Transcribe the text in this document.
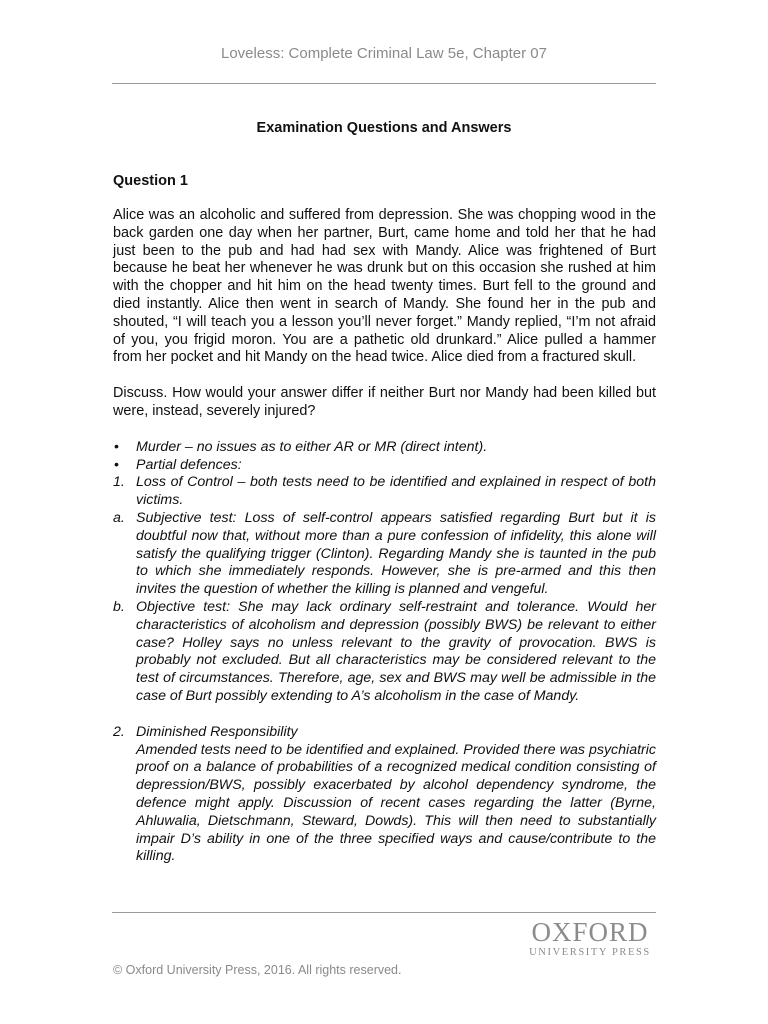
Loveless: Complete Criminal Law 5e, Chapter 07
Examination Questions and Answers
Question 1

Alice was an alcoholic and suffered from depression. She was chopping wood in the back garden one day when her partner, Burt, came home and told her that he had just been to the pub and had had sex with Mandy. Alice was frightened of Burt because he beat her whenever he was drunk but on this occasion she rushed at him with the chopper and hit him on the head twenty times. Burt fell to the ground and died instantly. Alice then went in search of Mandy. She found her in the pub and shouted, “I will teach you a lesson you’ll never forget.” Mandy replied, “I’m not afraid of you, you frigid moron. You are a pathetic old drunkard.” Alice pulled a hammer from her pocket and hit Mandy on the head twice. Alice died from a fractured skull.

Discuss. How would your answer differ if neither Burt nor Mandy had been killed but were, instead, severely injured?

• Murder – no issues as to either AR or MR (direct intent).
• Partial defences:
1. Loss of Control – both tests need to be identified and explained in respect of both victims.
a. Subjective test: Loss of self-control appears satisfied regarding Burt but it is doubtful now that, without more than a pure confession of infidelity, this alone will satisfy the qualifying trigger (Clinton). Regarding Mandy she is taunted in the pub to which she immediately responds. However, she is pre-armed and this then invites the question of whether the killing is planned and vengeful.
b. Objective test: She may lack ordinary self-restraint and tolerance. Would her characteristics of alcoholism and depression (possibly BWS) be relevant to either case? Holley says no unless relevant to the gravity of provocation. BWS is probably not excluded. But all characteristics may be considered relevant to the test of circumstances. Therefore, age, sex and BWS may well be admissible in the case of Burt possibly extending to A’s alcoholism in the case of Mandy.
2. Diminished Responsibility
Amended tests need to be identified and explained. Provided there was psychiatric proof on a balance of probabilities of a recognized medical condition consisting of depression/BWS, possibly exacerbated by alcohol dependency syndrome, the defence might apply. Discussion of recent cases regarding the latter (Byrne, Ahluwalia, Dietschmann, Steward, Dowds). This will then need to substantially impair D’s ability in one of the three specified ways and cause/contribute to the killing.
OXFORD
UNIVERSITY PRESS
© Oxford University Press, 2016. All rights reserved.
